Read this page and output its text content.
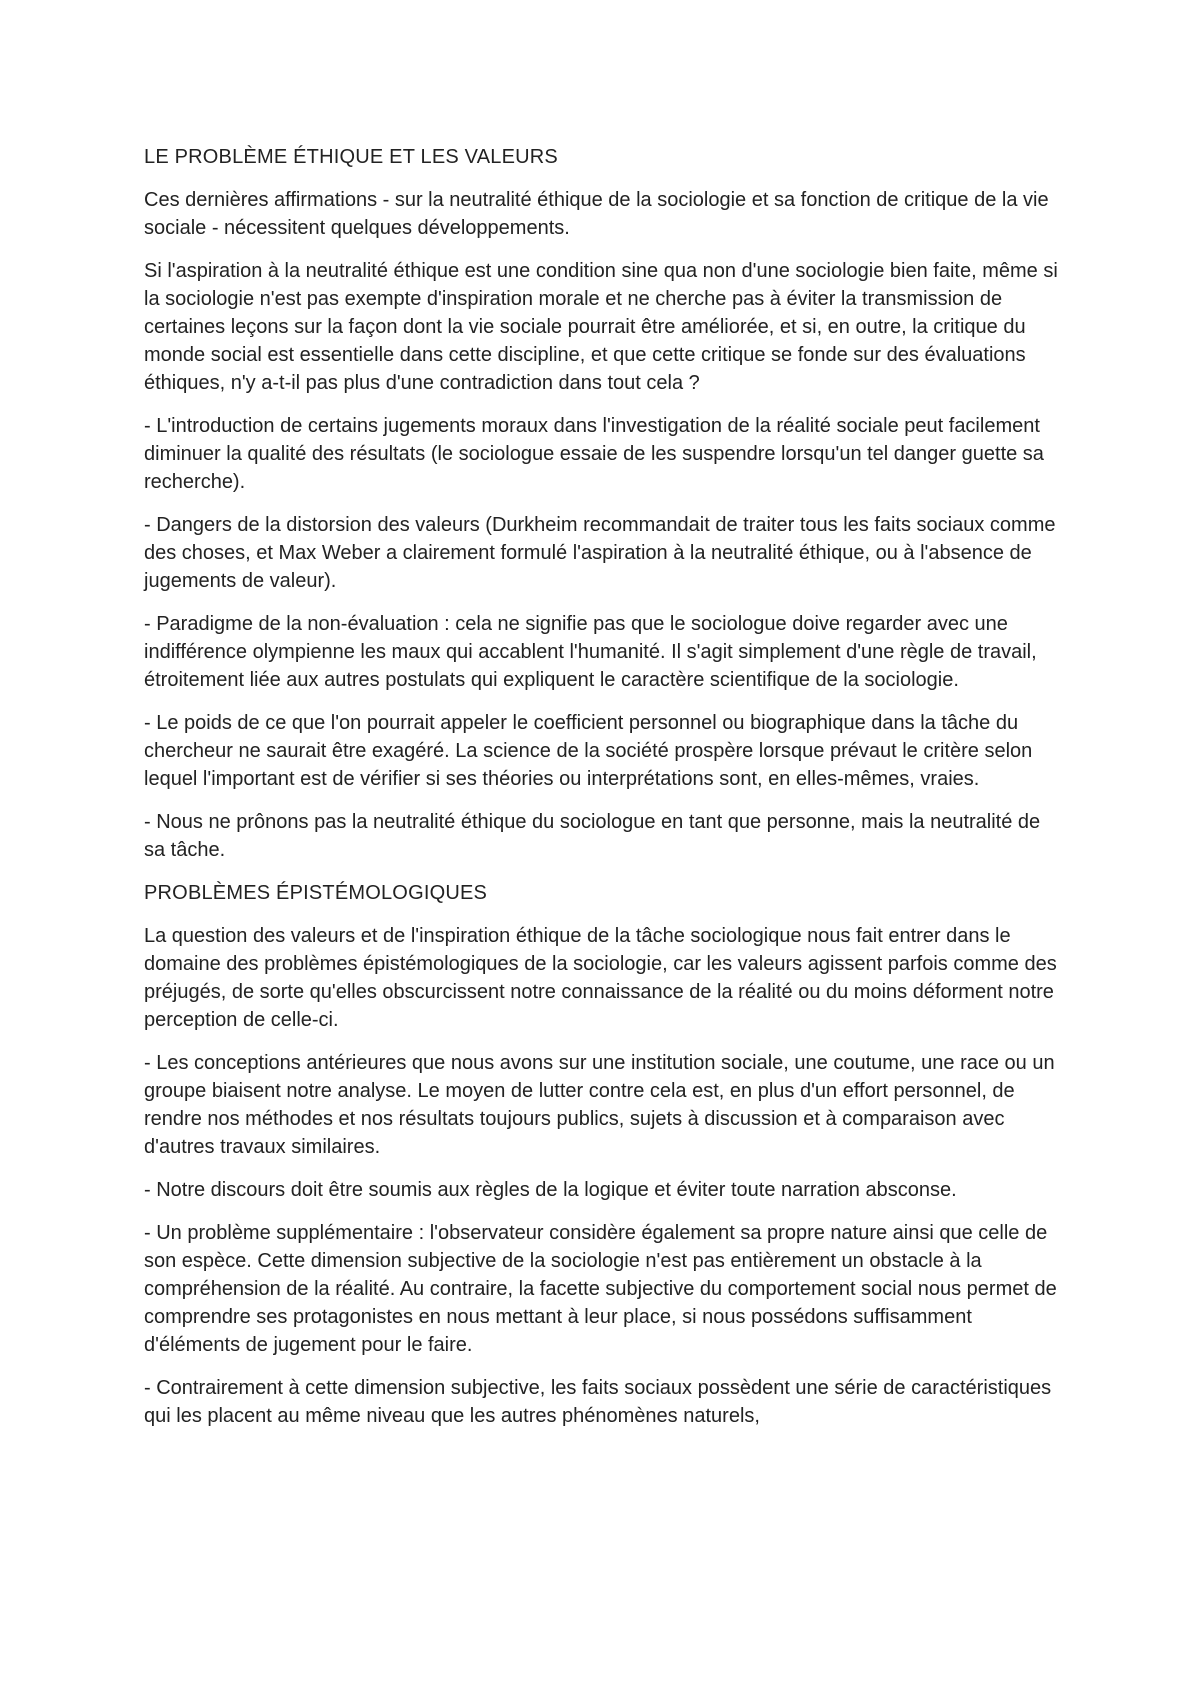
LE PROBLÈME ÉTHIQUE ET LES VALEURS

Ces dernières affirmations - sur la neutralité éthique de la sociologie et sa fonction de critique de la vie sociale - nécessitent quelques développements.

Si l'aspiration à la neutralité éthique est une condition sine qua non d'une sociologie bien faite, même si la sociologie n'est pas exempte d'inspiration morale et ne cherche pas à éviter la transmission de certaines leçons sur la façon dont la vie sociale pourrait être améliorée, et si, en outre, la critique du monde social est essentielle dans cette discipline, et que cette critique se fonde sur des évaluations éthiques, n'y a-t-il pas plus d'une contradiction dans tout cela ?

- L'introduction de certains jugements moraux dans l'investigation de la réalité sociale peut facilement diminuer la qualité des résultats (le sociologue essaie de les suspendre lorsqu'un tel danger guette sa recherche).

- Dangers de la distorsion des valeurs (Durkheim recommandait de traiter tous les faits sociaux comme des choses, et Max Weber a clairement formulé l'aspiration à la neutralité éthique, ou à l'absence de jugements de valeur).

- Paradigme de la non-évaluation : cela ne signifie pas que le sociologue doive regarder avec une indifférence olympienne les maux qui accablent l'humanité. Il s'agit simplement d'une règle de travail, étroitement liée aux autres postulats qui expliquent le caractère scientifique de la sociologie.

- Le poids de ce que l'on pourrait appeler le coefficient personnel ou biographique dans la tâche du chercheur ne saurait être exagéré. La science de la société prospère lorsque prévaut le critère selon lequel l'important est de vérifier si ses théories ou interprétations sont, en elles-mêmes, vraies.

- Nous ne prônons pas la neutralité éthique du sociologue en tant que personne, mais la neutralité de sa tâche.

PROBLÈMES ÉPISTÉMOLOGIQUES

La question des valeurs et de l'inspiration éthique de la tâche sociologique nous fait entrer dans le domaine des problèmes épistémologiques de la sociologie, car les valeurs agissent parfois comme des préjugés, de sorte qu'elles obscurcissent notre connaissance de la réalité ou du moins déforment notre perception de celle-ci.

- Les conceptions antérieures que nous avons sur une institution sociale, une coutume, une race ou un groupe biaisent notre analyse. Le moyen de lutter contre cela est, en plus d'un effort personnel, de rendre nos méthodes et nos résultats toujours publics, sujets à discussion et à comparaison avec d'autres travaux similaires.

- Notre discours doit être soumis aux règles de la logique et éviter toute narration absconse.

- Un problème supplémentaire : l'observateur considère également sa propre nature ainsi que celle de son espèce. Cette dimension subjective de la sociologie n'est pas entièrement un obstacle à la compréhension de la réalité. Au contraire, la facette subjective du comportement social nous permet de comprendre ses protagonistes en nous mettant à leur place, si nous possédons suffisamment d'éléments de jugement pour le faire.

- Contrairement à cette dimension subjective, les faits sociaux possèdent une série de caractéristiques qui les placent au même niveau que les autres phénomènes naturels,
